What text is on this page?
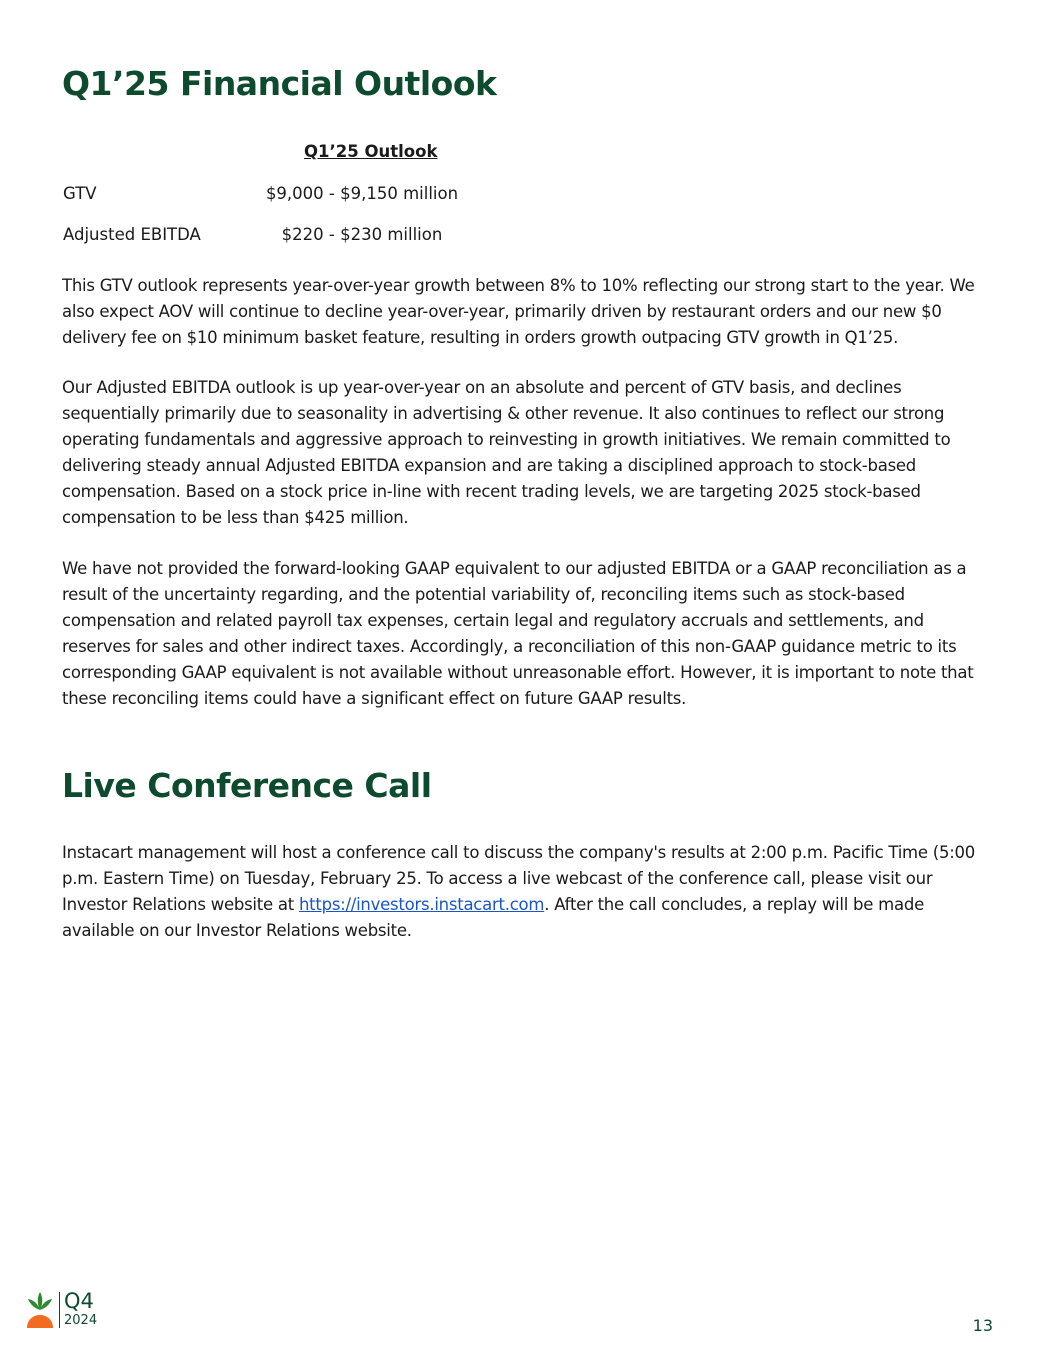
Q1’25 Financial Outlook
Q1’25 Outlook
GTV	$9,000 - $9,150 million
Adjusted EBITDA	$220 - $230 million

This GTV outlook represents year-over-year growth between 8% to 10% reflecting our strong start to the year. We also expect AOV will continue to decline year-over-year, primarily driven by restaurant orders and our new $0 delivery fee on $10 minimum basket feature, resulting in orders growth outpacing GTV growth in Q1’25.

Our Adjusted EBITDA outlook is up year-over-year on an absolute and percent of GTV basis, and declines sequentially primarily due to seasonality in advertising & other revenue. It also continues to reflect our strong operating fundamentals and aggressive approach to reinvesting in growth initiatives. We remain committed to delivering steady annual Adjusted EBITDA expansion and are taking a disciplined approach to stock-based compensation. Based on a stock price in-line with recent trading levels, we are targeting 2025 stock-based compensation to be less than $425 million.

We have not provided the forward-looking GAAP equivalent to our adjusted EBITDA or a GAAP reconciliation as a result of the uncertainty regarding, and the potential variability of, reconciling items such as stock-based compensation and related payroll tax expenses, certain legal and regulatory accruals and settlements, and reserves for sales and other indirect taxes. Accordingly, a reconciliation of this non-GAAP guidance metric to its corresponding GAAP equivalent is not available without unreasonable effort. However, it is important to note that these reconciling items could have a significant effect on future GAAP results.

Live Conference Call

Instacart management will host a conference call to discuss the company's results at 2:00 p.m. Pacific Time (5:00 p.m. Eastern Time) on Tuesday, February 25. To access a live webcast of the conference call, please visit our Investor Relations website at https://investors.instacart.com. After the call concludes, a replay will be made available on our Investor Relations website.

Q4
2024	13
